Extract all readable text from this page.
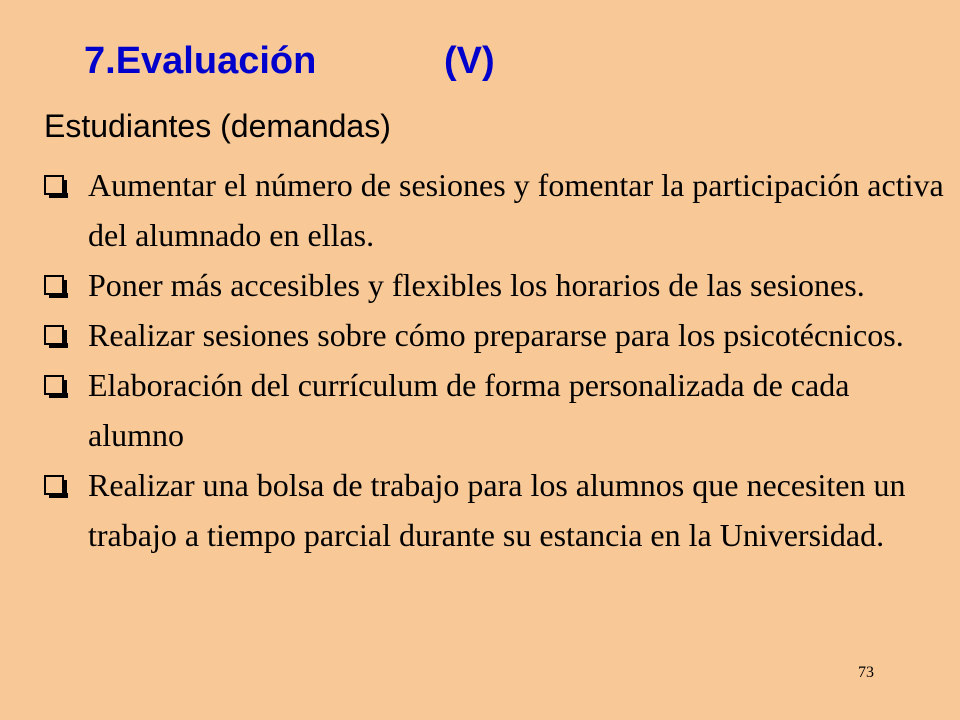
7.Evaluación	(V)

Estudiantes (demandas)

Aumentar el número de sesiones y fomentar la participación activa del alumnado en ellas.
Poner más accesibles y flexibles los horarios de las sesiones.
Realizar sesiones sobre cómo prepararse para los psicotécnicos.
Elaboración del currículum de forma personalizada de cada alumno
Realizar una bolsa de trabajo para los alumnos que necesiten un trabajo a tiempo parcial durante su estancia en la Universidad.
73
